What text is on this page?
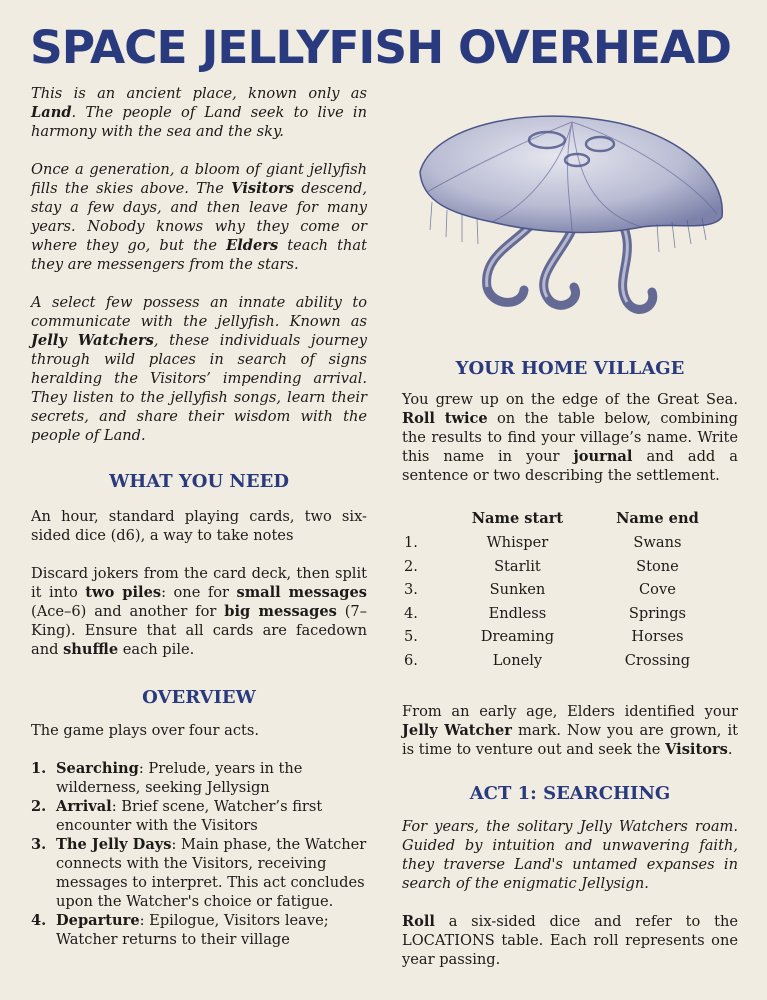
SPACE JELLYFISH OVERHEAD

This is an ancient place, known only as Land. The people of Land seek to live in harmony with the sea and the sky.

Once a generation, a bloom of giant jellyfish fills the skies above. The Visitors descend, stay a few days, and then leave for many years. Nobody knows why they come or where they go, but the Elders teach that they are messengers from the stars.

A select few possess an innate ability to communicate with the jellyfish. Known as Jelly Watchers, these individuals journey through wild places in search of signs heralding the Visitors’ impending arrival. They listen to the jellyfish songs, learn their secrets, and share their wisdom with the people of Land.

WHAT YOU NEED

An hour, standard playing cards, two six-sided dice (d6), a way to take notes

Discard jokers from the card deck, then split it into two piles: one for small messages (Ace–6) and another for big messages (7–King). Ensure that all cards are facedown and shuffle each pile.

OVERVIEW

The game plays over four acts.

1. Searching: Prelude, years in the wilderness, seeking Jellysign
2. Arrival: Brief scene, Watcher’s first encounter with the Visitors
3. The Jelly Days: Main phase, the Watcher connects with the Visitors, receiving messages to interpret. This act concludes upon the Watcher's choice or fatigue.
4. Departure: Epilogue, Visitors leave; Watcher returns to their village
YOUR HOME VILLAGE

You grew up on the edge of the Great Sea. Roll twice on the table below, combining the results to find your village’s name. Write this name in your journal and add a sentence or two describing the settlement.

	Name start	Name end
1.	Whisper	Swans
2.	Starlit	Stone
3.	Sunken	Cove
4.	Endless	Springs
5.	Dreaming	Horses
6.	Lonely	Crossing

From an early age, Elders identified your Jelly Watcher mark. Now you are grown, it is time to venture out and seek the Visitors.

ACT 1: SEARCHING

For years, the solitary Jelly Watchers roam. Guided by intuition and unwavering faith, they traverse Land's untamed expanses in search of the enigmatic Jellysign.

Roll a six-sided dice and refer to the LOCATIONS table. Each roll represents one year passing.
